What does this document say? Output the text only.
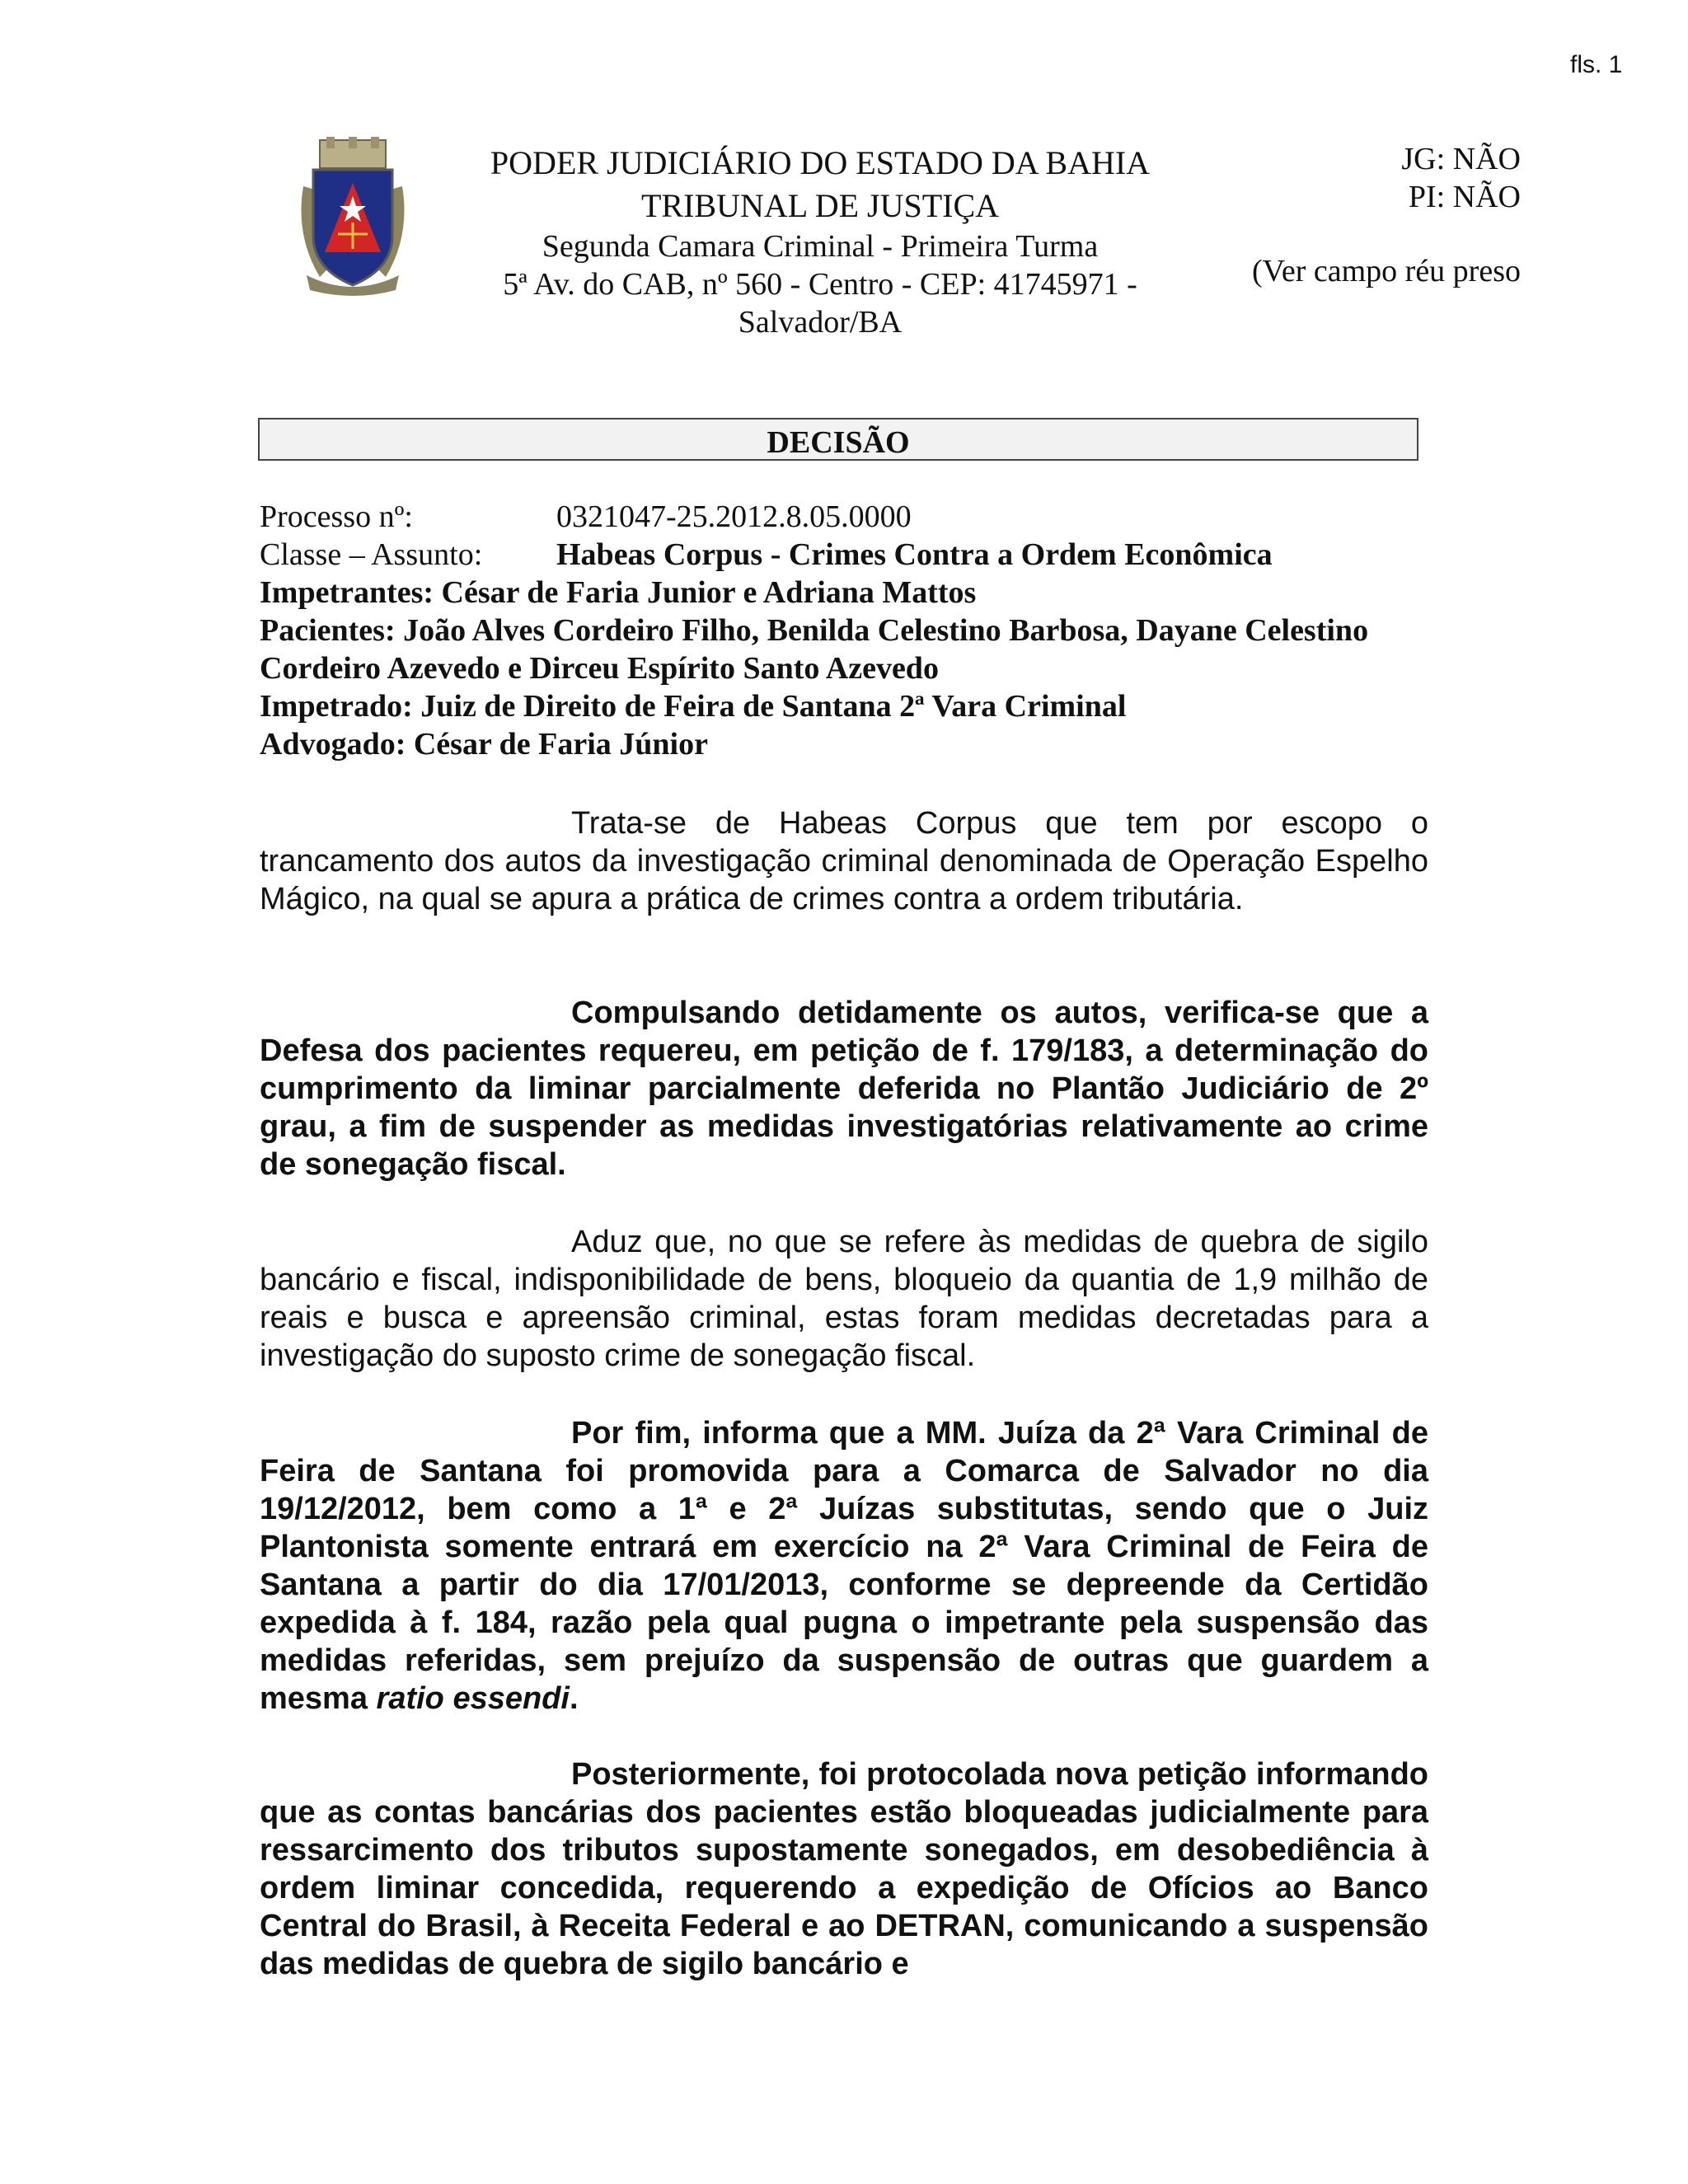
fls. 1
PODER JUDICIÁRIO DO ESTADO DA BAHIA
TRIBUNAL DE JUSTIÇA
Segunda Camara Criminal - Primeira Turma
5ª Av. do CAB, nº 560 - Centro - CEP: 41745971 -
Salvador/BA
JG: NÃO
PI: NÃO
(Ver campo réu preso
DECISÃO
Processo nº:	0321047-25.2012.8.05.0000
Classe – Assunto:	Habeas Corpus - Crimes Contra a Ordem Econômica
Impetrantes: César de Faria Junior e Adriana Mattos
Pacientes: João Alves Cordeiro Filho, Benilda Celestino Barbosa, Dayane Celestino Cordeiro Azevedo e Dirceu Espírito Santo Azevedo
Impetrado: Juiz de Direito de Feira de Santana 2ª Vara Criminal
Advogado: César de Faria Júnior
Trata-se de Habeas Corpus que tem por escopo o trancamento dos autos da investigação criminal denominada de Operação Espelho Mágico, na qual se apura a prática de crimes contra a ordem tributária.
Compulsando detidamente os autos, verifica-se que a Defesa dos pacientes requereu, em petição de f. 179/183, a determinação do cumprimento da liminar parcialmente deferida no Plantão Judiciário de 2º grau, a fim de suspender as medidas investigatórias relativamente ao crime de sonegação fiscal.
Aduz que, no que se refere às medidas de quebra de sigilo bancário e fiscal, indisponibilidade de bens, bloqueio da quantia de 1,9 milhão de reais e busca e apreensão criminal, estas foram medidas decretadas para a investigação do suposto crime de sonegação fiscal.
Por fim, informa que a MM. Juíza da 2ª Vara Criminal de Feira de Santana foi promovida para a Comarca de Salvador no dia 19/12/2012, bem como a 1ª e 2ª Juízas substitutas, sendo que o Juiz Plantonista somente entrará em exercício na 2ª Vara Criminal de Feira de Santana a partir do dia 17/01/2013, conforme se depreende da Certidão expedida à f. 184, razão pela qual pugna o impetrante pela suspensão das medidas referidas, sem prejuízo da suspensão de outras que guardem a mesma ratio essendi.
Posteriormente, foi protocolada nova petição informando que as contas bancárias dos pacientes estão bloqueadas judicialmente para ressarcimento dos tributos supostamente sonegados, em desobediência à ordem liminar concedida, requerendo a expedição de Ofícios ao Banco Central do Brasil, à Receita Federal e ao DETRAN, comunicando a suspensão das medidas de quebra de sigilo bancário e
